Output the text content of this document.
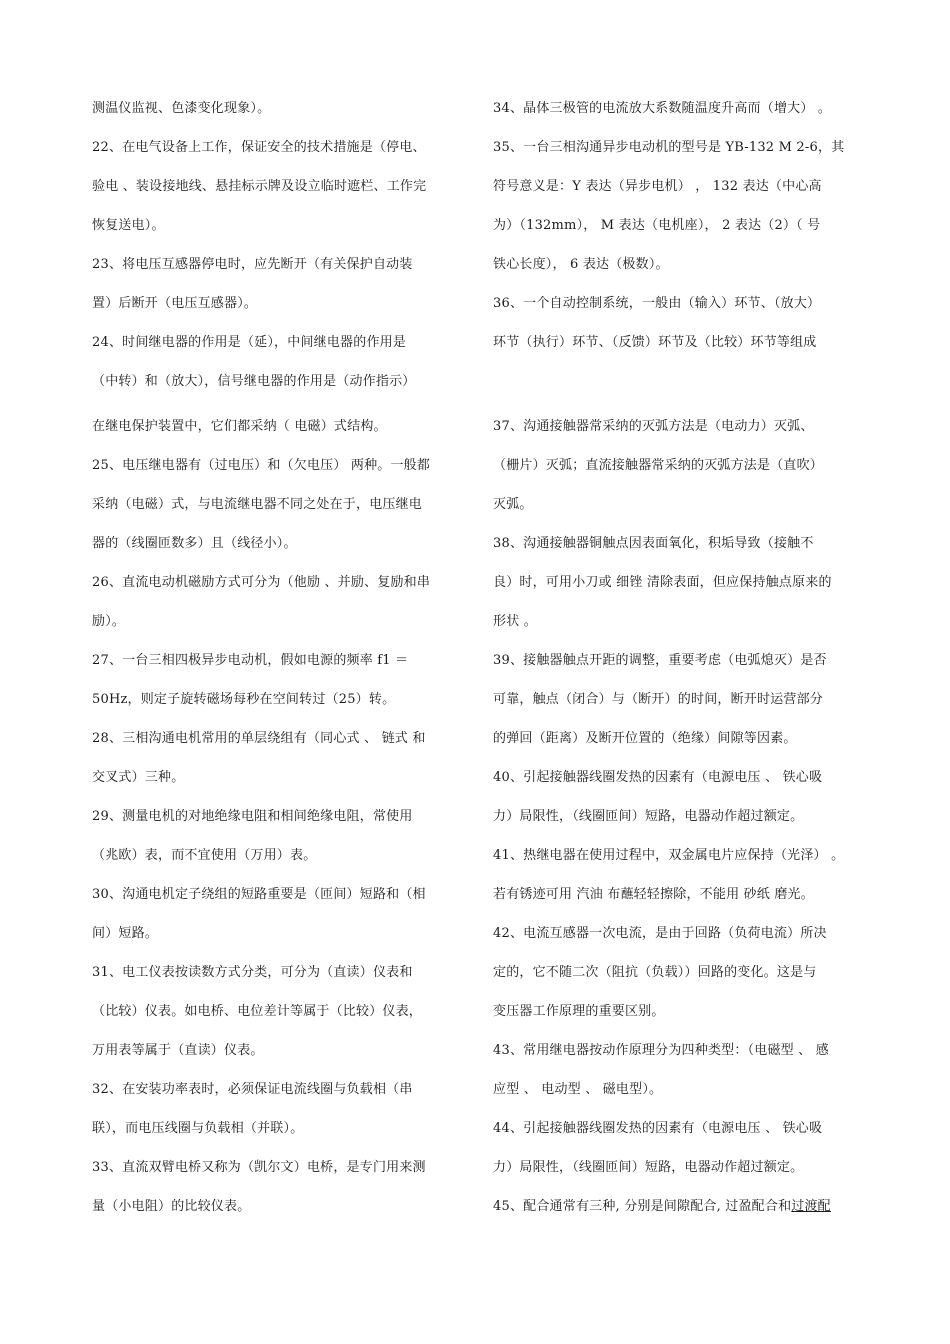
测温仪监视、色漆变化现象）。
22、在电气设备上工作，保证安全的技术措施是（停电、
验电 、装设接地线、悬挂标示牌及设立临时遮栏、工作完
恢复送电）。
23、将电压互感器停电时，应先断开（有关保护自动装
置）后断开（电压互感器）。
24、时间继电器的作用是（延），中间继电器的作用是
（中转）和（放大），信号继电器的作用是（动作指示）
在继电保护装置中，它们都采纳（ 电磁）式结构。
25、电压继电器有（过电压）和（欠电压） 两种。一般都
采纳（电磁）式，与电流继电器不同之处在于，电压继电
器的（线圈匝数多）且（线径小）。
26、直流电动机磁励方式可分为（他励 、并励、复励和串
励）。
27、一台三相四极异步电动机，假如电源的频率 f1 ＝
50Hz，则定子旋转磁场每秒在空间转过（25）转。
28、三相沟通电机常用的单层绕组有（同心式 、 链式 和
交叉式）三种。
29、测量电机的对地绝缘电阻和相间绝缘电阻，常使用
（兆欧）表，而不宜使用（万用）表。
30、沟通电机定子绕组的短路重要是（匝间）短路和（相
间）短路。
31、电工仪表按读数方式分类，可分为（直读）仪表和
（比较）仪表。如电桥、电位差计等属于（比较）仪表，
万用表等属于（直读）仪表。
32、在安装功率表时，必须保证电流线圈与负载相（串
联），而电压线圈与负载相（并联）。
33、直流双臂电桥又称为（凯尔文）电桥，是专门用来测
量（小电阻）的比较仪表。
34、晶体三极管的电流放大系数随温度升高而（增大） 。
35、一台三相沟通异步电动机的型号是 YB-132 M 2-6，其
符号意义是：Y 表达（异步电机） ， 132 表达（中心高
为）（132mm）， M 表达（电机座）， 2 表达（2）（ 号
铁心长度）， 6 表达（极数）。
36、一个自动控制系统，一般由（输入）环节、（放大）
环节（执行）环节、（反馈）环节及（比较）环节等组成
37、沟通接触器常采纳的灭弧方法是（电动力）灭弧、
（栅片）灭弧；直流接触器常采纳的灭弧方法是（直吹）
灭弧。
38、沟通接触器铜触点因表面氧化，积垢导致（接触不
良）时，可用小刀或 细锉 清除表面，但应保持触点原来的
形状 。
39、接触器触点开距的调整，重要考虑（电弧熄灭）是否
可靠，触点（闭合）与（断开）的时间，断开时运营部分
的弹回（距离）及断开位置的（绝缘）间隙等因素。
40、引起接触器线圈发热的因素有（电源电压 、 铁心吸
力）局限性，（线圈匝间）短路，电器动作超过额定。
41、热继电器在使用过程中，双金属电片应保持（光泽） 。
若有锈迹可用 汽油 布蘸轻轻擦除，不能用 砂纸 磨光。
42、电流互感器一次电流，是由于回路（负荷电流）所决
定的，它不随二次（阻抗（负载））回路的变化。这是与
变压器工作原理的重要区别。
43、常用继电器按动作原理分为四种类型：（电磁型 、 感
应型 、 电动型 、 磁电型）。
44、引起接触器线圈发热的因素有（电源电压 、 铁心吸
力）局限性，（线圈匝间）短路，电器动作超过额定。
45、配合通常有三种, 分别是间隙配合, 过盈配合和过渡配
